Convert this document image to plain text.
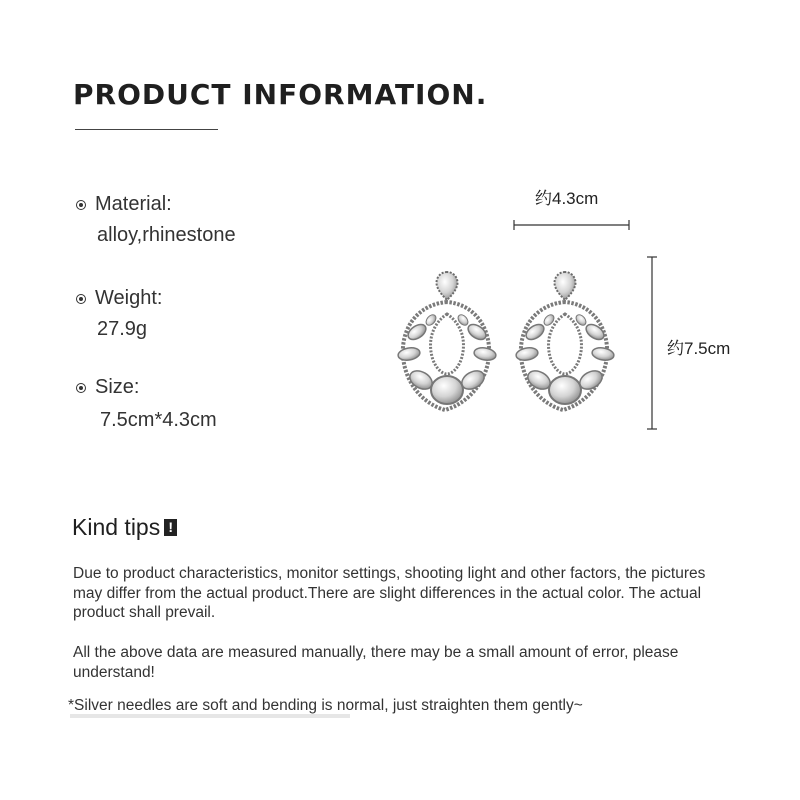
PRODUCT INFORMATION.
Material:
alloy,rhinestone
Weight:
27.9g
Size:
7.5cm*4.3cm
约4.3cm
约7.5cm
Kind tips !
Due to product characteristics, monitor settings, shooting light and other factors, the pictures may differ from the actual product.There are slight differences in the actual color. The actual product shall prevail.
All the above data are measured manually, there may be a small amount of error, please understand!
*Silver needles are soft and bending is normal, just straighten them gently~
